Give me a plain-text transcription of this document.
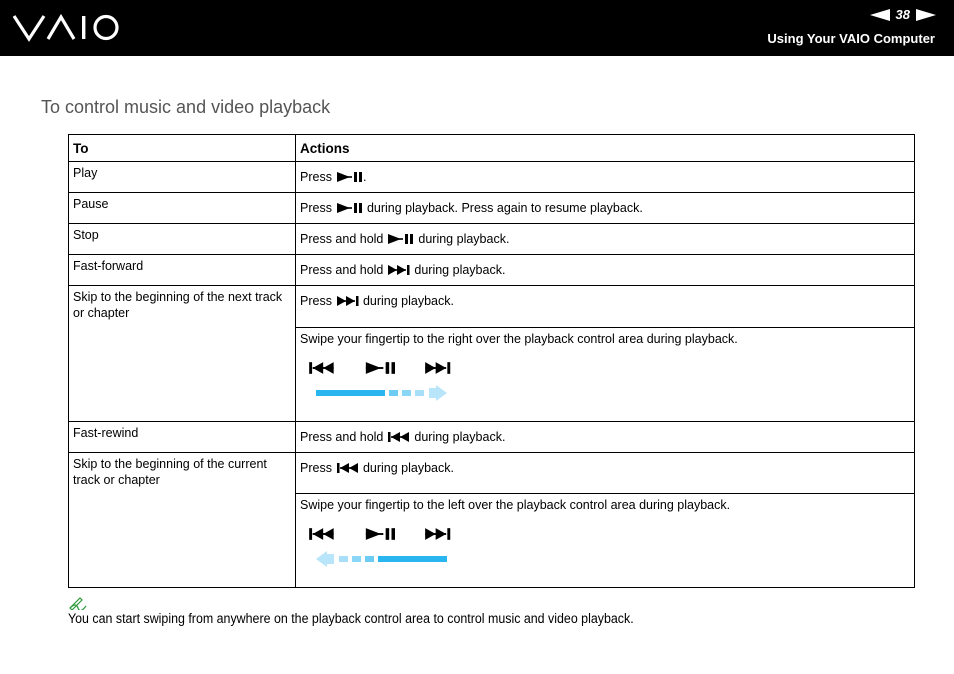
38
Using Your VAIO Computer
To control music and video playback
To	Actions
Play	Press .

Pause	Press during playback. Press again to resume playback.

Stop	Press and hold during playback.

Fast-forward	Press and hold during playback.

Skip to the beginning of the next track or chapter	Press during playback.

	Swipe your fingertip to the right over the playback control area during playback.

Fast-rewind	Press and hold during playback.

Skip to the beginning of the current track or chapter	Press during playback.

	Swipe your fingertip to the left over the playback control area during playback.
You can start swiping from anywhere on the playback control area to control music and video playback.
